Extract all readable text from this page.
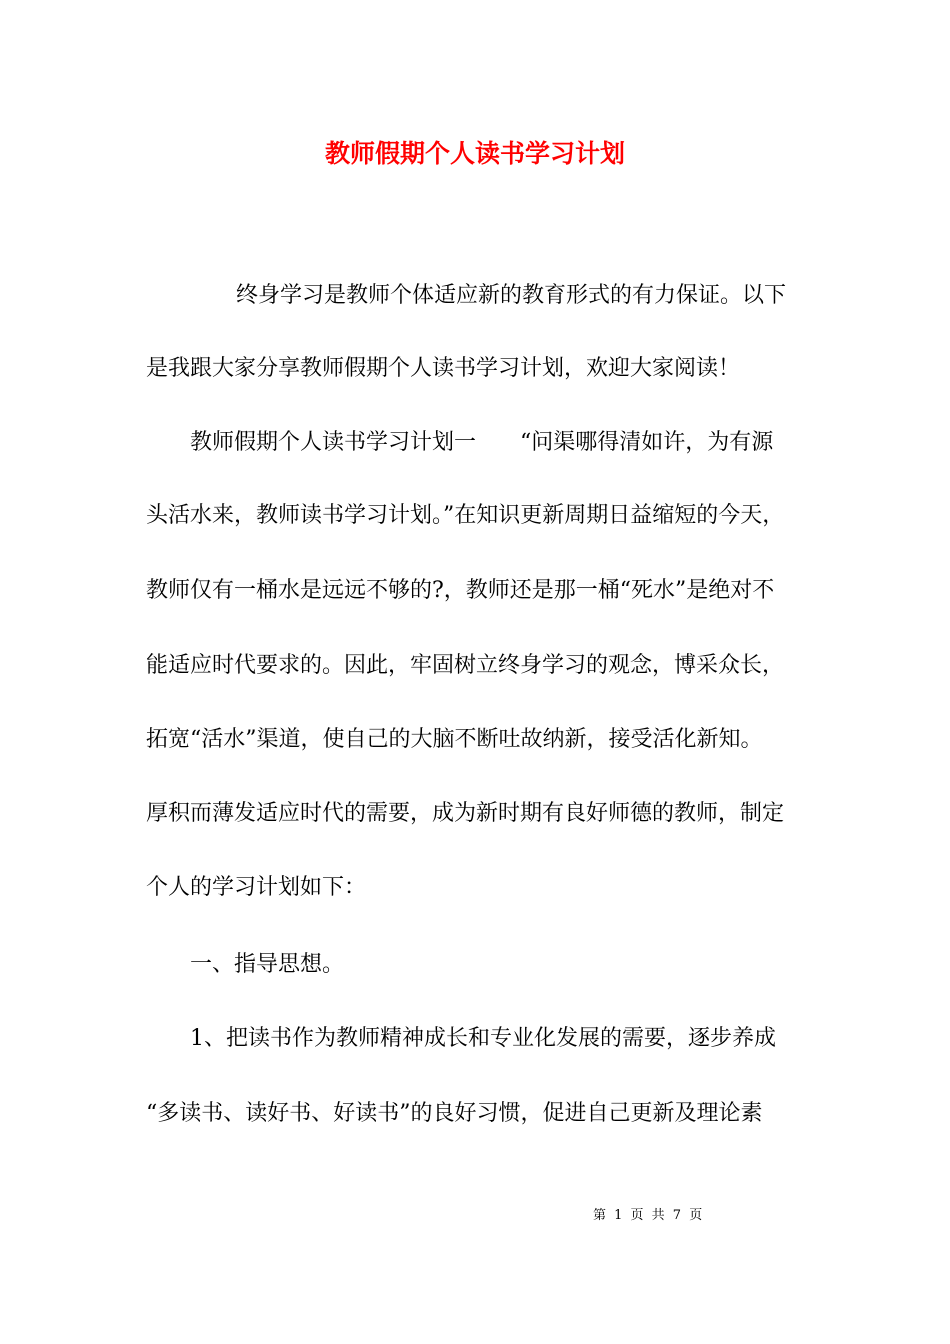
教师假期个人读书学习计划
终身学习是教师个体适应新的教育形式的有力保证。以下
是我跟大家分享教师假期个人读书学习计划，欢迎大家阅读！
教师假期个人读书学习计划一　　“问渠哪得清如许，为有源
头活水来，教师读书学习计划。”在知识更新周期日益缩短的今天，
教师仅有一桶水是远远不够的?，教师还是那一桶“死水”是绝对不
能适应时代要求的。因此，牢固树立终身学习的观念，博采众长，
拓宽“活水”渠道，使自己的大脑不断吐故纳新，接受活化新知。
厚积而薄发适应时代的需要，成为新时期有良好师德的教师，制定
个人的学习计划如下：
一、指导思想。
1、把读书作为教师精神成长和专业化发展的需要，逐步养成
“多读书、读好书、好读书”的良好习惯，促进自己更新及理论素
第 1 页 共 7 页
